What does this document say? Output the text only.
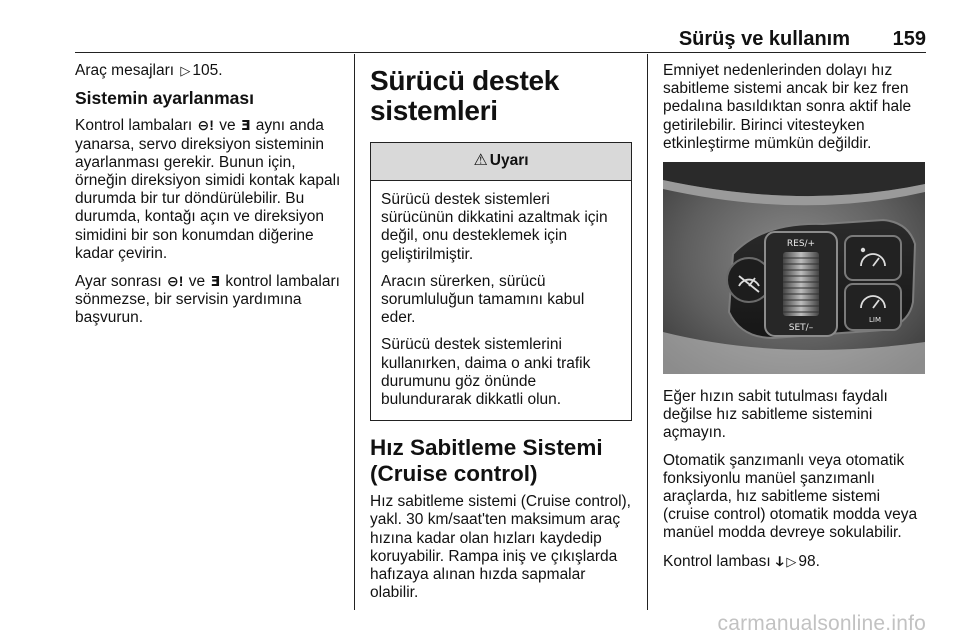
Sürüş ve kullanım 159

Araç mesajları ▷ 105.

Sistemin ayarlanması

Kontrol lambaları ⊖! ve ⴺ aynı anda yanarsa, servo direksiyon sisteminin ayarlanması gerekir. Bunun için, örneğin direksiyon simidi kontak kapalı durumda bir tur döndürülebilir. Bu durumda, kontağı açın ve direksiyon simidini bir son konumdan diğerine kadar çevirin.

Ayar sonrası ⊖! ve ⴺ kontrol lambaları sönmezse, bir servisin yardımına başvurun.

Sürücü destek
sistemleri
⚠ Uyarı

Sürücü destek sistemleri sürücünün dikkatini azaltmak için değil, onu desteklemek için geliştirilmiştir.

Aracın sürerken, sürücü sorumluluğun tamamını kabul eder.

Sürücü destek sistemlerini kullanırken, daima o anki trafik durumunu göz önünde bulundurarak dikkatli olun.

Hız Sabitleme Sistemi
(Cruise control)

Hız sabitleme sistemi (Cruise control), yakl. 30 km/saat'ten maksimum araç hızına kadar olan hızları kaydedip koruyabilir. Rampa iniş ve çıkışlarda hafızaya alınan hızda sapmalar olabilir.

Emniyet nedenlerinden dolayı hız sabitleme sistemi ancak bir kez fren pedalına basıldıktan sonra aktif hale getirilebilir. Birinci vitesteyken etkinleştirme mümkün değildir.

RES/+
SET/–
LIM

Eğer hızın sabit tutulması faydalı değilse hız sabitleme sistemini açmayın.

Otomatik şanzımanlı veya otomatik fonksiyonlu manüel şanzımanlı araçlarda, hız sabitleme sistemi (cruise control) otomatik modda veya manüel modda devreye sokulabilir.

Kontrol lambası ↆ ▷ 98.

carmanualsonline.info
